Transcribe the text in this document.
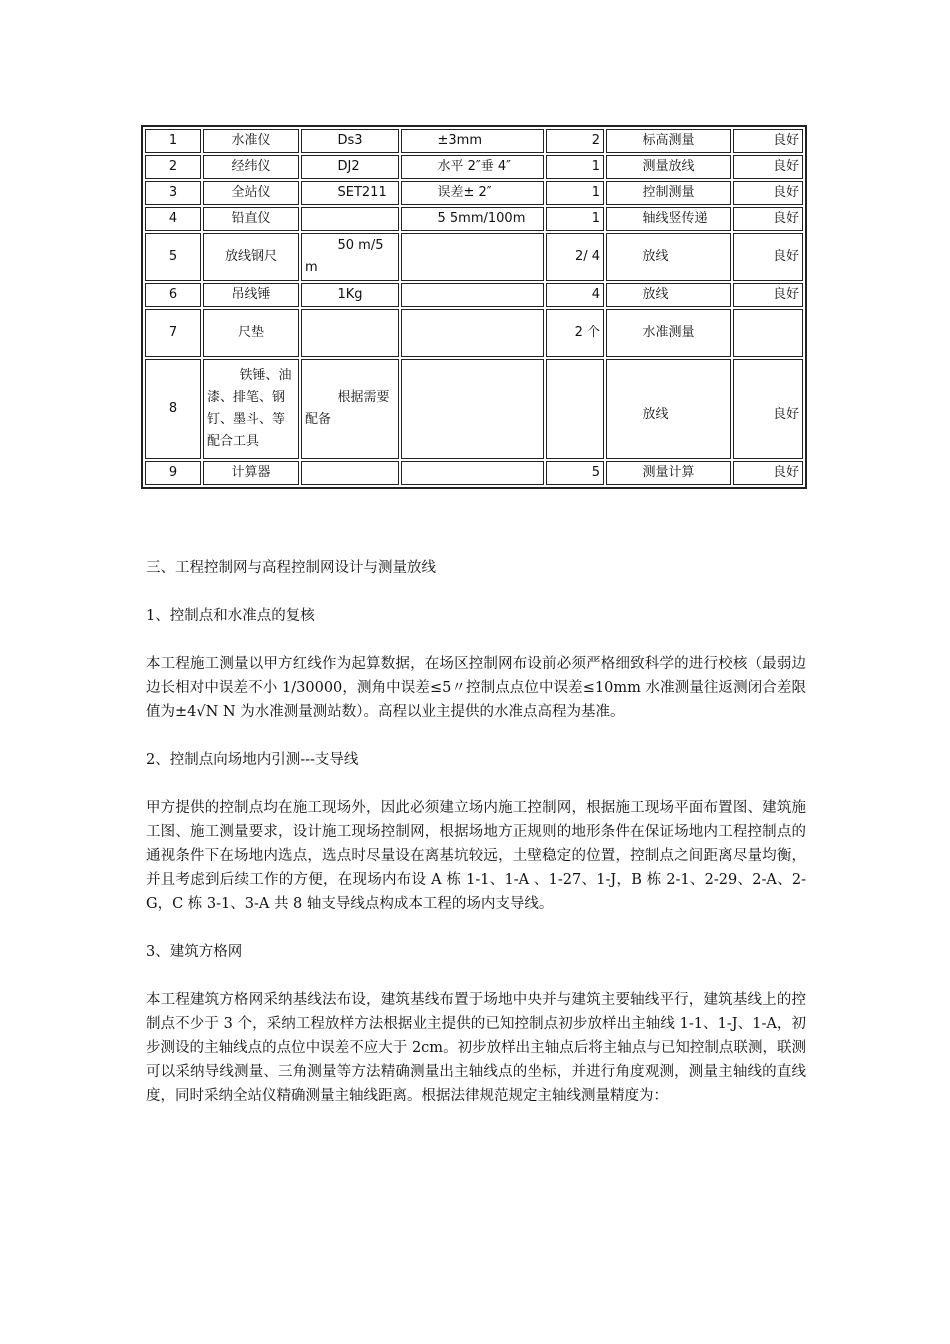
1	水准仪	Ds3	±3mm	2	标高测量	良好
2	经纬仪	DJ2	水平 2″垂 4″	1	测量放线	良好
3	全站仪	SET211	误差± 2″	1	控制测量	良好
4	铅直仪		5 5mm/100m	1	轴线竖传递	良好
5	放线钢尺	50 m/5 m		2/ 4	放线	良好
6	吊线锤	1Kg		4	放线	良好
7	尺垫			2 个	水准测量	
8	铁锤、油漆、排笔、钢钉、墨斗、等配合工具	根据需要配备			放线	良好
9	计算器			5	测量计算	良好

三、工程控制网与高程控制网设计与测量放线

1、控制点和水准点的复核

本工程施工测量以甲方红线作为起算数据，在场区控制网布设前必须严格细致科学的进行校核（最弱边边长相对中误差不小 1/30000，测角中误差≤5〃控制点点位中误差≤10mm 水准测量往返测闭合差限值为±4√N N 为水准测量测站数）。高程以业主提供的水准点高程为基准。

2、控制点向场地内引测---支导线

甲方提供的控制点均在施工现场外，因此必须建立场内施工控制网，根据施工现场平面布置图、建筑施工图、施工测量要求，设计施工现场控制网，根据场地方正规则的地形条件在保证场地内工程控制点的通视条件下在场地内选点，选点时尽量设在离基坑较远，土壁稳定的位置，控制点之间距离尽量均衡，并且考虑到后续工作的方便，在现场内布设 A 栋 1-1、1-A 、1-27、1-J，B 栋 2-1、2-29、2-A、2-G，C 栋 3-1、3-A 共 8 轴支导线点构成本工程的场内支导线。

3、建筑方格网

本工程建筑方格网采纳基线法布设，建筑基线布置于场地中央并与建筑主要轴线平行，建筑基线上的控制点不少于 3 个，采纳工程放样方法根据业主提供的已知控制点初步放样出主轴线 1-1、1-J、1-A，初步测设的主轴线点的点位中误差不应大于 2cm。初步放样出主轴点后将主轴点与已知控制点联测，联测可以采纳导线测量、三角测量等方法精确测量出主轴线点的坐标，并进行角度观测，测量主轴线的直线度，同时采纳全站仪精确测量主轴线距离。根据法律规范规定主轴线测量精度为：
